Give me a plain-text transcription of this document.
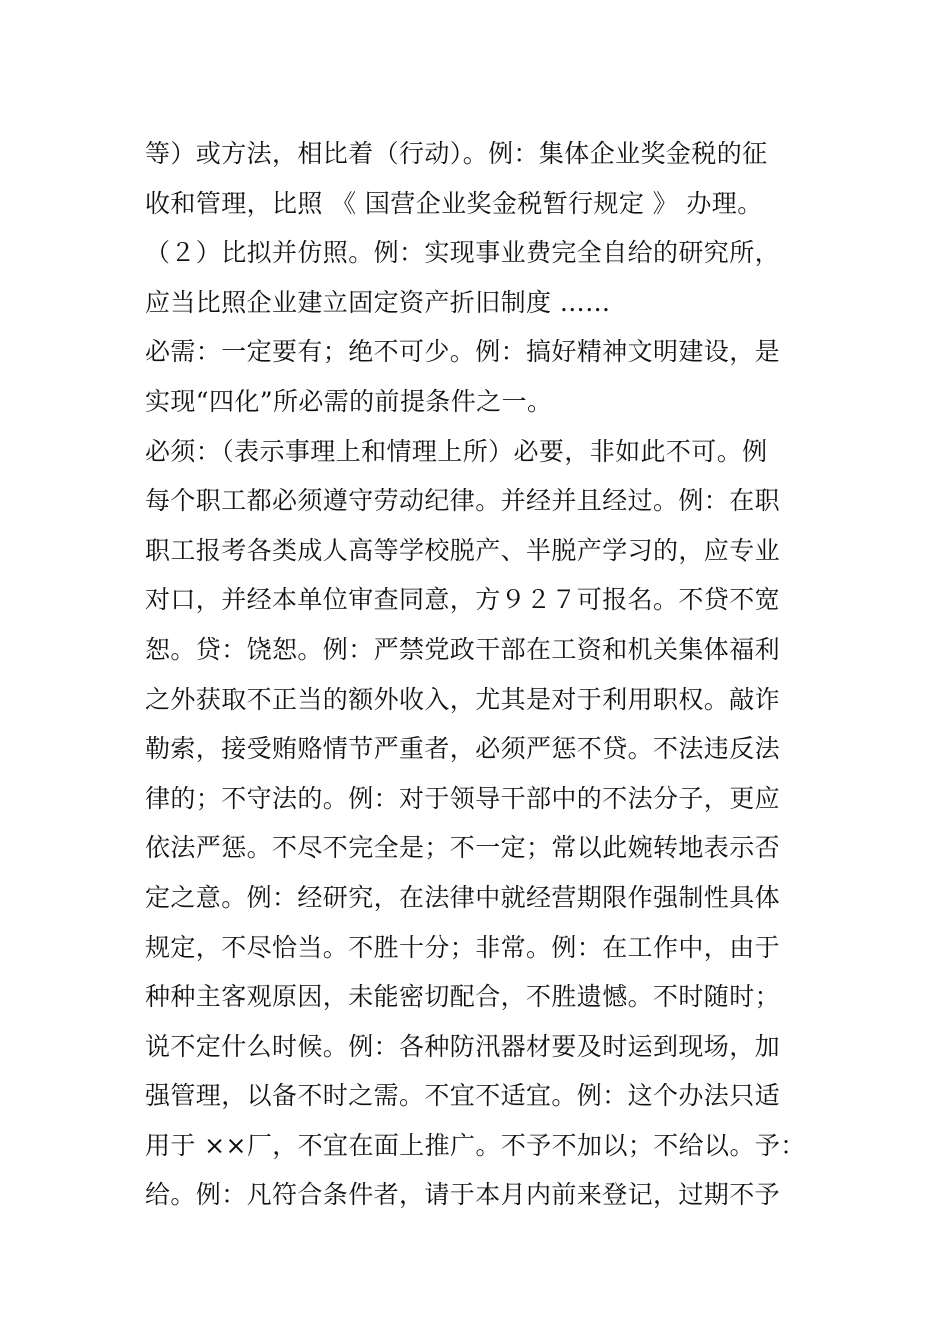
等）或方法，相比着（行动）。例：集体企业奖金税的征
收和管理，比照 《 国营企业奖金税暂行规定 》 办理。
（２）比拟并仿照。例：实现事业费完全自给的研究所，
应当比照企业建立固定资产折旧制度 ……
必需：一定要有；绝不可少。例：搞好精神文明建设，是
实现“四化”所必需的前提条件之一。
必须：（表示事理上和情理上所）必要，非如此不可。例
每个职工都必须遵守劳动纪律。并经并且经过。例：在职
职工报考各类成人高等学校脱产、半脱产学习的，应专业
对口，并经本单位审查同意，方９２７可报名。不贷不宽
恕。贷：饶恕。例：严禁党政干部在工资和机关集体福利
之外获取不正当的额外收入，尤其是对于利用职权。敲诈
勒索，接受贿赂情节严重者，必须严惩不贷。不法违反法
律的；不守法的。例：对于领导干部中的不法分子，更应
依法严惩。不尽不完全是；不一定；常以此婉转地表示否
定之意。例：经研究，在法律中就经营期限作强制性具体
规定，不尽恰当。不胜十分；非常。例：在工作中，由于
种种主客观原因，未能密切配合，不胜遗憾。不时随时；
说不定什么时候。例：各种防汛器材要及时运到现场，加
强管理，以备不时之需。不宜不适宜。例：这个办法只适
用于 ××厂，不宜在面上推广。不予不加以；不给以。予：
给。例：凡符合条件者，请于本月内前来登记，过期不予
